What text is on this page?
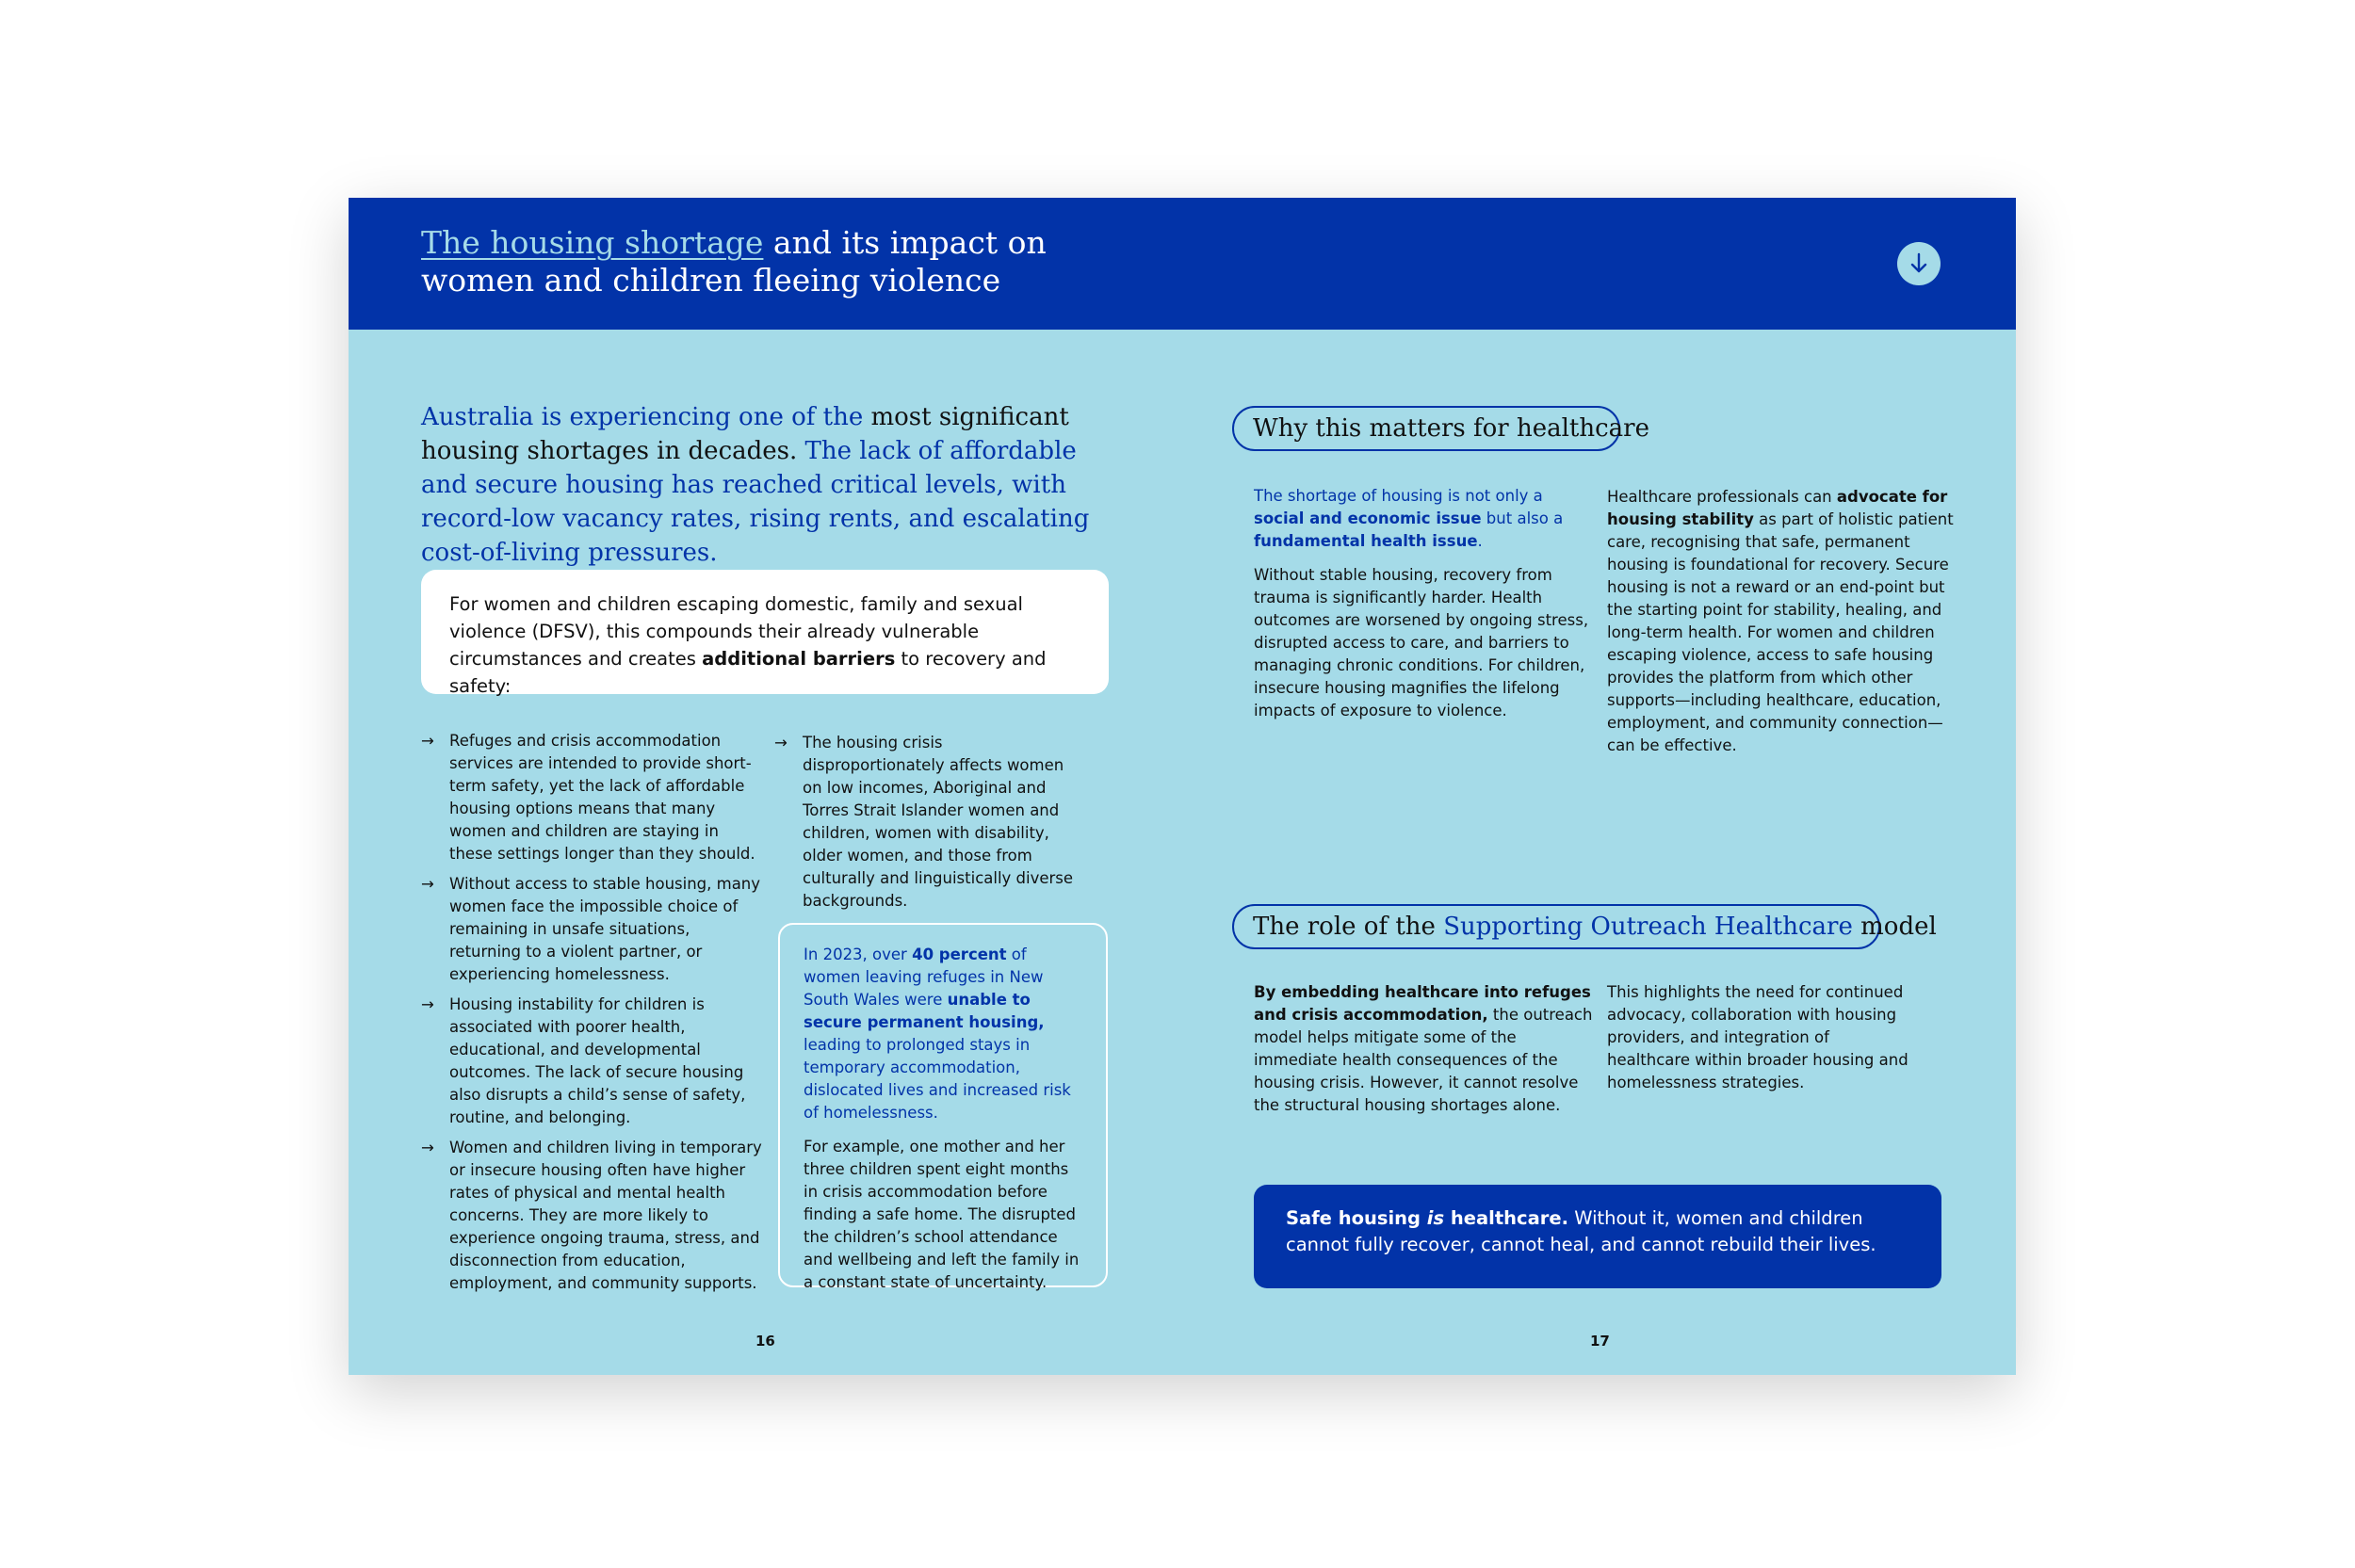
The housing shortage and its impact on
women and children fleeing violence

Australia is experiencing one of the most significant housing shortages in decades. The lack of affordable and secure housing has reached critical levels, with record-low vacancy rates, rising rents, and escalating cost-of-living pressures.

For women and children escaping domestic, family and sexual violence (DFSV), this compounds their already vulnerable circumstances and creates additional barriers to recovery and safety:
→ Refuges and crisis accommodation services are intended to provide short-term safety, yet the lack of affordable housing options means that many women and children are staying in these settings longer than they should.
→ Without access to stable housing, many women face the impossible choice of remaining in unsafe situations, returning to a violent partner, or experiencing homelessness.
→ Housing instability for children is associated with poorer health, educational, and developmental outcomes. The lack of secure housing also disrupts a child’s sense of safety, routine, and belonging.
→ Women and children living in temporary or insecure housing often have higher rates of physical and mental health concerns. They are more likely to experience ongoing trauma, stress, and disconnection from education, employment, and community supports.
→ The housing crisis disproportionately affects women on low incomes, Aboriginal and Torres Strait Islander women and children, women with disability, older women, and those from culturally and linguistically diverse backgrounds.

In 2023, over 40 percent of women leaving refuges in New South Wales were unable to secure permanent housing, leading to prolonged stays in temporary accommodation, dislocated lives and increased risk of homelessness.

For example, one mother and her three children spent eight months in crisis accommodation before finding a safe home. The disrupted the children’s school attendance and wellbeing and left the family in a constant state of uncertainty.

16
Why this matters for healthcare

The shortage of housing is not only a social and economic issue but also a fundamental health issue.

Without stable housing, recovery from trauma is significantly harder. Health outcomes are worsened by ongoing stress, disrupted access to care, and barriers to managing chronic conditions. For children, insecure housing magnifies the lifelong impacts of exposure to violence.

Healthcare professionals can advocate for housing stability as part of holistic patient care, recognising that safe, permanent housing is foundational for recovery. Secure housing is not a reward or an end-point but the starting point for stability, healing, and long-term health. For women and children escaping violence, access to safe housing provides the platform from which other supports—including healthcare, education, employment, and community connection—can be effective.

The role of the Supporting Outreach Healthcare model

By embedding healthcare into refuges and crisis accommodation, the outreach model helps mitigate some of the immediate health consequences of the housing crisis. However, it cannot resolve the structural housing shortages alone.

This highlights the need for continued advocacy, collaboration with housing providers, and integration of healthcare within broader housing and homelessness strategies.

Safe housing is healthcare. Without it, women and children cannot fully recover, cannot heal, and cannot rebuild their lives.
17
